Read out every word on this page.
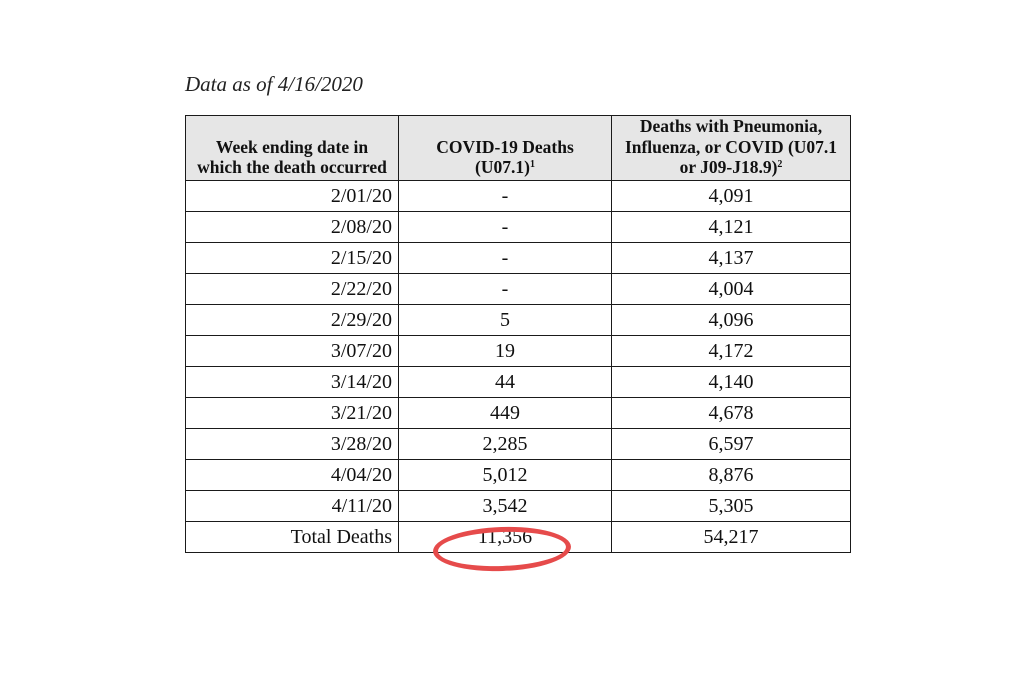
Data as of 4/16/2020
Week ending date in which the death occurred	COVID-19 Deaths $(U07.1)^1$	Deaths with Pneumonia, Influenza, or COVID (U07.1 or J09-J18.9)$^2$
2/01/20	-	4,091
2/08/20	-	4,121
2/15/20	-	4,137
2/22/20	-	4,004
2/29/20	5	4,096
3/07/20	19	4,172
3/14/20	44	4,140
3/21/20	449	4,678
3/28/20	2,285	6,597
4/04/20	5,012	8,876
4/11/20	3,542	5,305
Total Deaths	11,356	54,217
